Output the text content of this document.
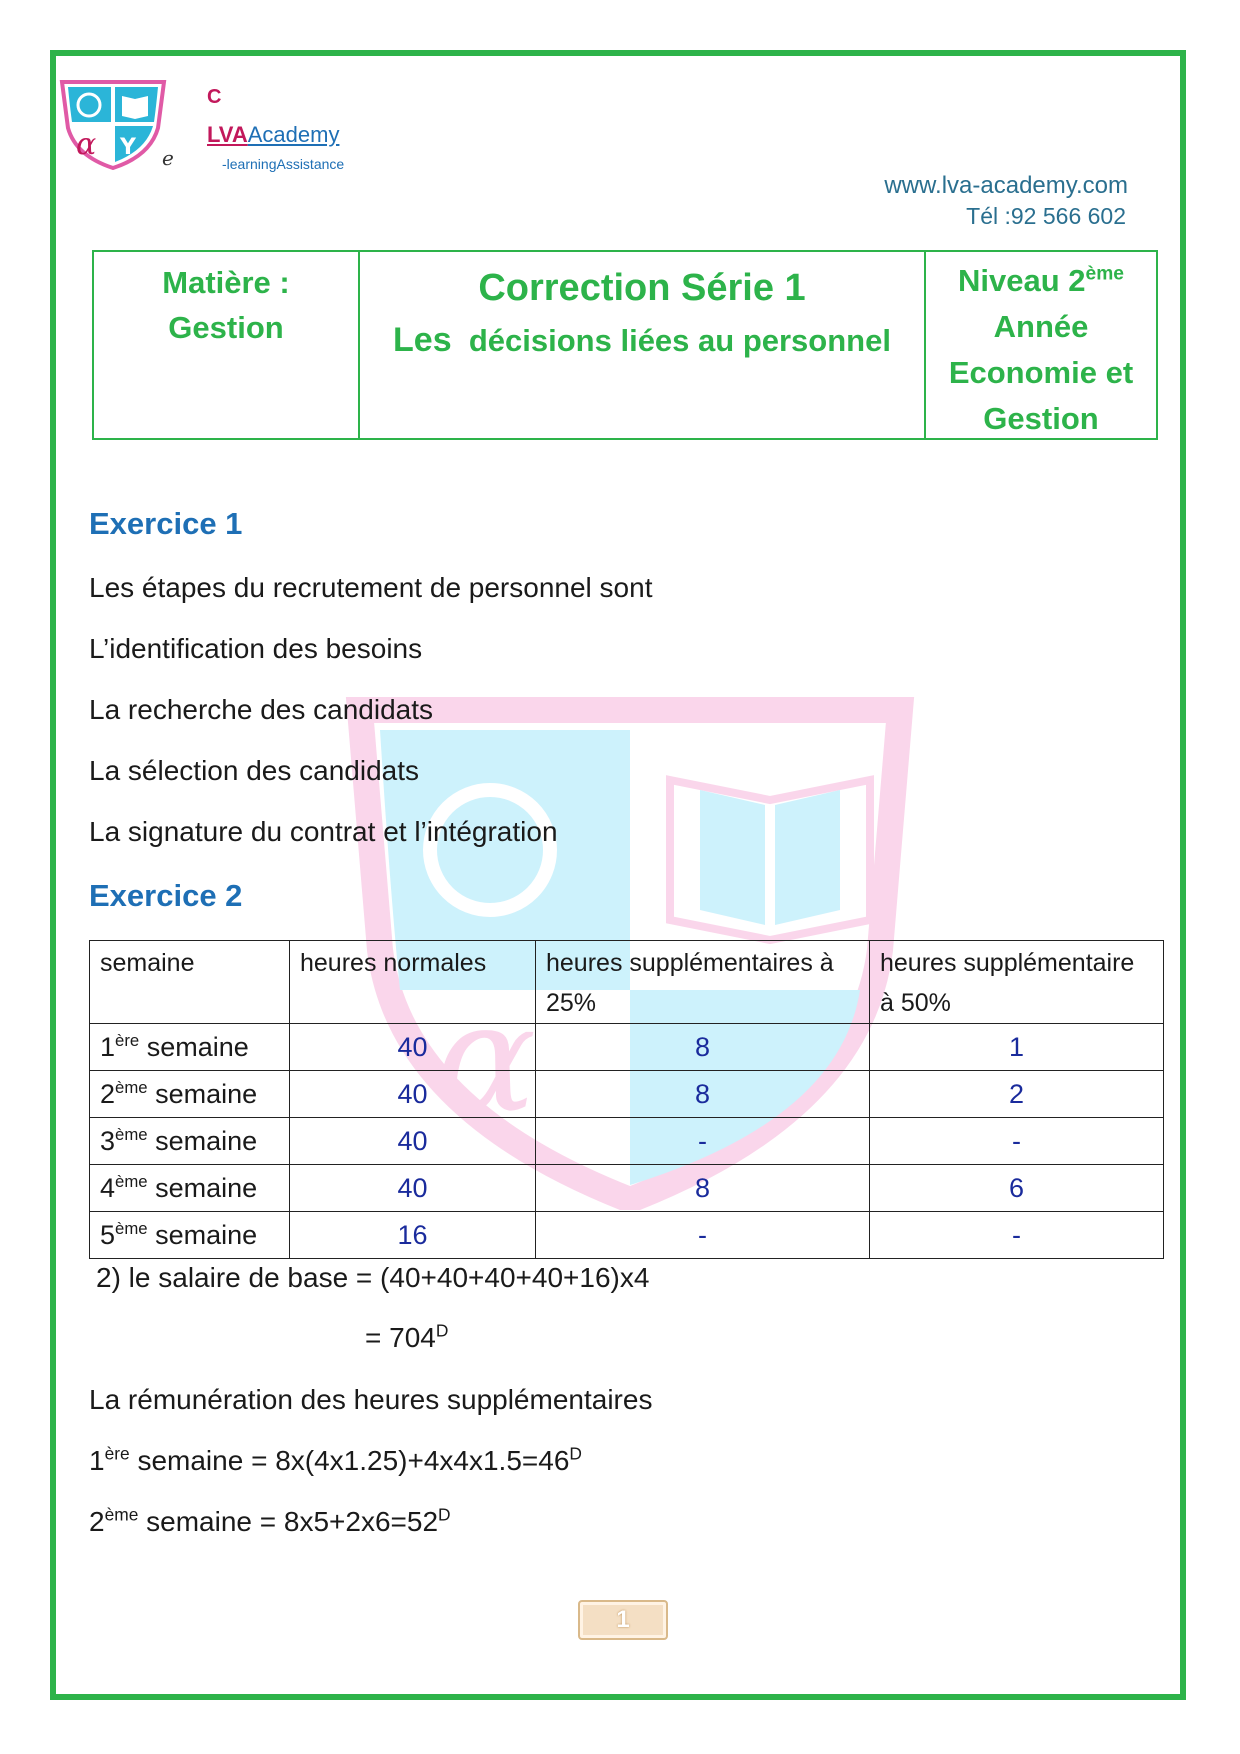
α
α Y e
C
LVAAcademy
-learningAssistance
www.lva-academy.com
Tél :92 566 602
Matière :
Gestion
Correction Série 1
Les décisions liées au personnel
Niveau 2ème
Année
Economie et
Gestion
Exercice 1
Les étapes du recrutement de personnel sont
L’identification des besoins
La recherche des candidats
La sélection des candidats
La signature du contrat et l’intégration
Exercice 2
semaine	heures normales	heures supplémentaires à 25%	heures supplémentaire à 50%
1ère semaine	40	8	1
2ème semaine	40	8	2
3ème semaine	40	-	-
4ème semaine	40	8	6
5ème semaine	16	-	-
2) le salaire de base = (40+40+40+40+16)x4
= $704^D$
La rémunération des heures supplémentaires
1ère semaine = $8x(4x1.25)+4x4x1.5=46^D$
2ème semaine = $8x5+2x6=52^D$
1
